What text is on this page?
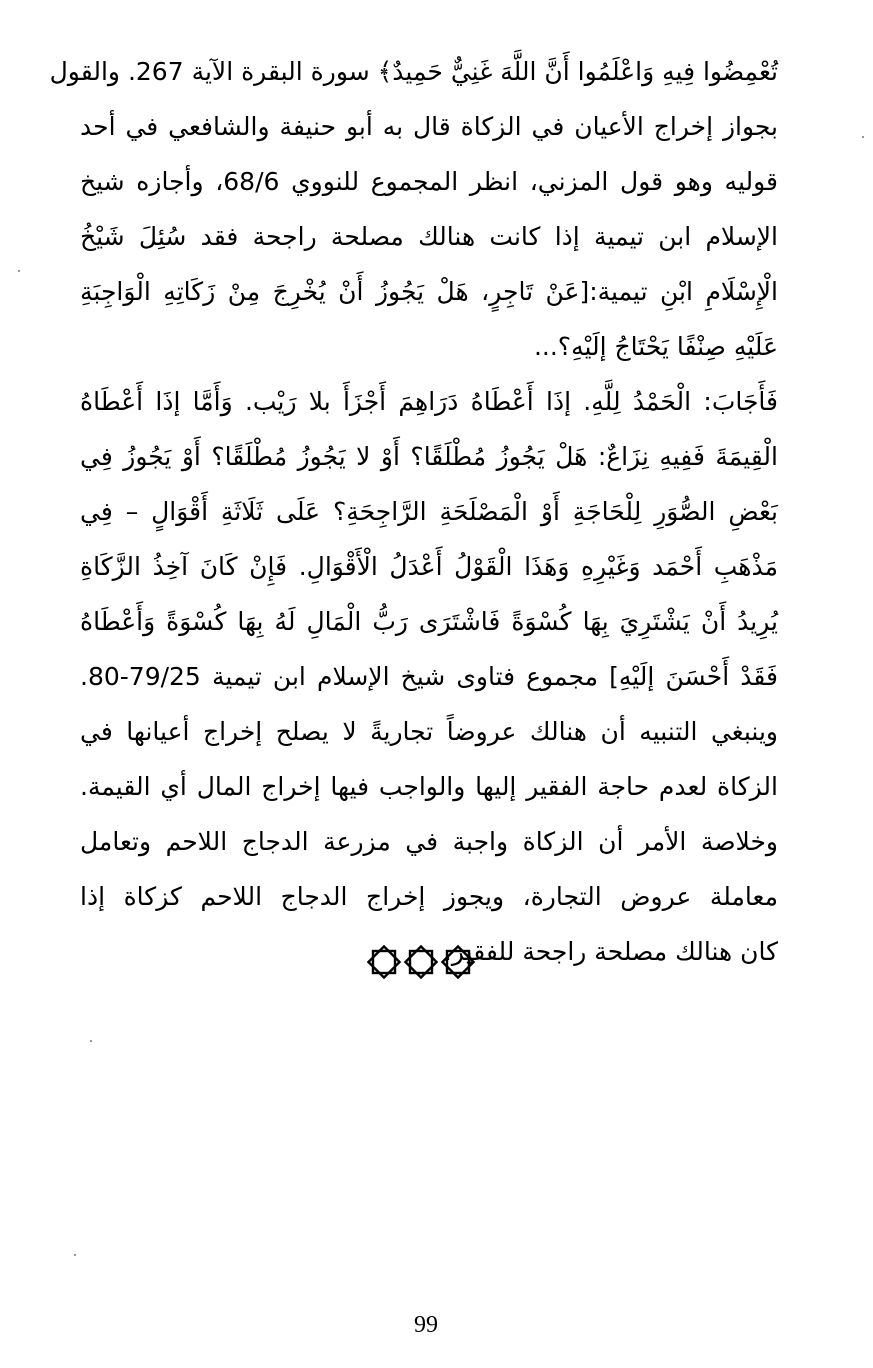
تُعْمِضُوا فِيهِ وَاعْلَمُوا أَنَّ اللَّهَ غَنِيٌّ حَمِيدٌ﴾ سورة البقرة الآية 267. والقول
بجواز إخراج الأعيان في الزكاة قال به أبو حنيفة والشافعي في أحد
قوليه وهو قول المزني، انظر المجموع للنووي 68/6، وأجازه شيخ
الإسلام ابن تيمية إذا كانت هنالك مصلحة راجحة فقد سُئِلَ شَيْخُ
الْإِسْلَامِ ابْنِ تيمية:[عَنْ تَاجِرٍ، هَلْ يَجُوزُ أَنْ يُخْرِجَ مِنْ زَكَاتِهِ الْوَاجِبَةِ
عَلَيْهِ صِنْفًا يَحْتَاجُ إلَيْهِ؟...
فَأَجَابَ: الْحَمْدُ لِلَّهِ. إذَا أَعْطَاهُ دَرَاهِمَ أَجْزَأَ بلا رَيْب. وَأَمَّا إذَا أَعْطَاهُ
الْقِيمَةَ فَفِيهِ نِزَاعٌ: هَلْ يَجُوزُ مُطْلَقًا؟ أَوْ لا يَجُوزُ مُطْلَقًا؟ أَوْ يَجُوزُ فِي
بَعْضِ الصُّوَرِ لِلْحَاجَةِ أَوْ الْمَصْلَحَةِ الرَّاجِحَةِ؟ عَلَى ثَلَاثَةِ أَقْوَالٍ – فِي
مَذْهَبِ أَحْمَد وَغَيْرِهِ وَهَذَا الْقَوْلُ أَعْدَلُ الْأَقْوَالِ. فَإِنْ كَانَ آخِذُ الزَّكَاةِ
يُرِيدُ أَنْ يَشْتَرِيَ بِهَا كُسْوَةً فَاشْتَرَى رَبُّ الْمَالِ لَهُ بِهَا كُسْوَةً وَأَعْطَاهُ
فَقَدْ أَحْسَنَ إلَيْهِ] مجموع فتاوى شيخ الإسلام ابن تيمية 79/25-80.
وينبغي التنبيه أن هنالك عروضاً تجاريةً لا يصلح إخراج أعيانها في
الزكاة لعدم حاجة الفقير إليها والواجب فيها إخراج المال أي القيمة.
وخلاصة الأمر أن الزكاة واجبة في مزرعة الدجاج اللاحم وتعامل
معاملة عروض التجارة، ويجوز إخراج الدجاج اللاحم كزكاة إذا
كان هنالك مصلحة راجحة للفقير.
99
